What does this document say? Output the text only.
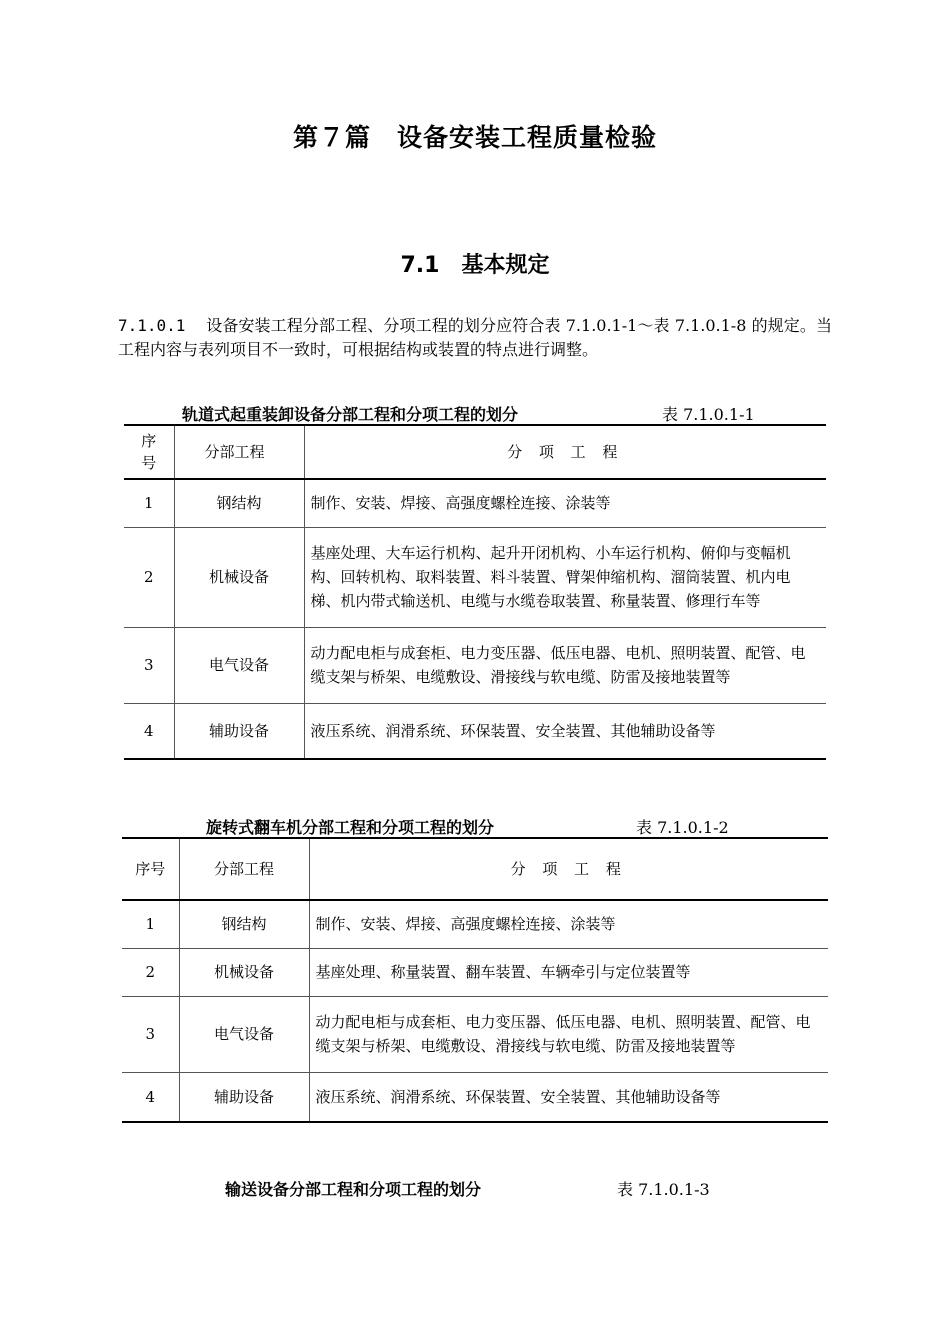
第７篇　设备安装工程质量检验
7.1　基本规定
7.1.0.1 设备安装工程分部工程、分项工程的划分应符合表 7.1.0.1-1～表 7.1.0.1-8 的规定。当工程内容与表列项目不一致时，可根据结构或装置的特点进行调整。
轨道式起重装卸设备分部工程和分项工程的划分	表 7.1.0.1-1
序
号	分部工程	分 项 工 程
1	钢结构	制作、安装、焊接、高强度螺栓连接、涂装等
2	机械设备	基座处理、大车运行机构、起升开闭机构、小车运行机构、俯仰与变幅机构、回转机构、取料装置、料斗装置、臂架伸缩机构、溜筒装置、机内电梯、机内带式输送机、电缆与水缆卷取装置、称量装置、修理行车等
3	电气设备	动力配电柜与成套柜、电力变压器、低压电器、电机、照明装置、配管、电缆支架与桥架、电缆敷设、滑接线与软电缆、防雷及接地装置等
4	辅助设备	液压系统、润滑系统、环保装置、安全装置、其他辅助设备等
旋转式翻车机分部工程和分项工程的划分	表 7.1.0.1-2
序号	分部工程	分 项 工 程
1	钢结构	制作、安装、焊接、高强度螺栓连接、涂装等
2	机械设备	基座处理、称量装置、翻车装置、车辆牵引与定位装置等
3	电气设备	动力配电柜与成套柜、电力变压器、低压电器、电机、照明装置、配管、电缆支架与桥架、电缆敷设、滑接线与软电缆、防雷及接地装置等
4	辅助设备	液压系统、润滑系统、环保装置、安全装置、其他辅助设备等
输送设备分部工程和分项工程的划分	表 7.1.0.1-3
